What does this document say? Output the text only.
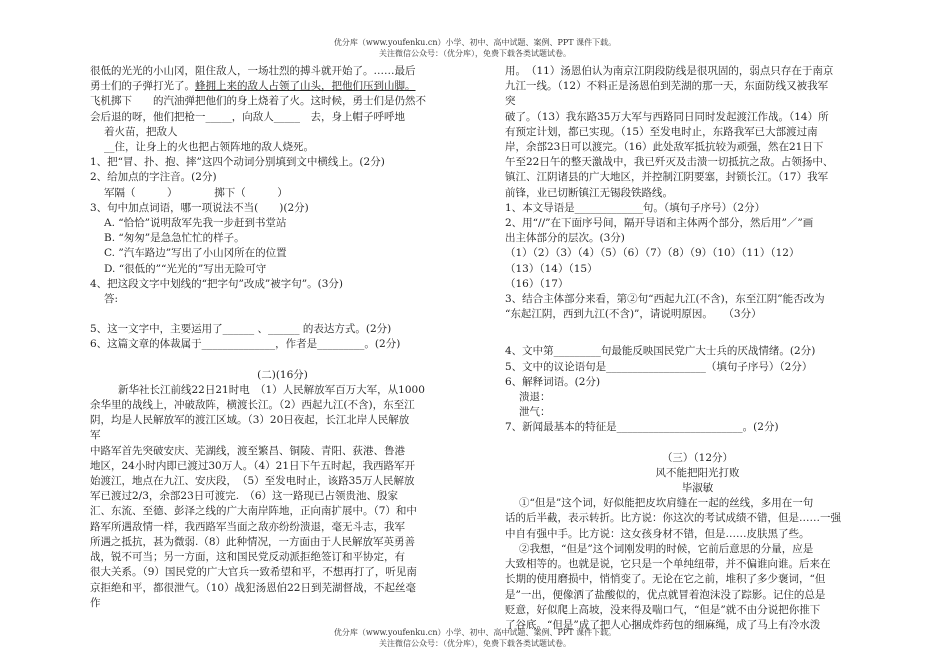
优分库（www.youfenku.cn）小学、初中、高中试题、案例、PPT 课件下载。
关注微信公众号：（优分库），免费下载各类试题试卷。

很低的光光的小山冈，阻住敌人，一场壮烈的搏斗就开始了。……最后

勇士们的子弹打光了。蜂拥上来的敌人占领了山头，把他们压到山脚。

飞机掷下　　的汽油弹把他们的身上烧着了火。这时候，勇士们是仍然不

会后退的呀，他们把枪一_____，向敌人_____　去，身上帽子呼呼地

着火苗，把敌人

__住，让身上的火也把占领阵地的敌人烧死。

1、把“冒、扑、抱、摔”这四个动词分别填到文中横线上。(2分)

2、给加点的字注音。(2分)

军隔（　　　）　　　　掷下（　　　）

3、句中加点词语，哪一项说法不当(　　)(2分)

A. “恰恰”说明敌军先我一步赶到书堂站

B. “匆匆”是急急忙忙的样子。

C. ”汽车路边”写出了小山冈所在的位置

D. “很低的”“光光的”写出无险可守

4、把这段文字中划线的“把字句”改成”被字句”。(3分)

答:

5、这一文字中，主要运用了______ 、______ 的表达方式。(2分)

6、这篇文章的体裁属于______________，作者是_________。(2分)

(二)(16分)

新华社长江前线22日21时电　（1）人民解放军百万大军，从1000

余华里的战线上，冲破敌阵，横渡长江。（2）西起九江(不含)，东至江

阴，均是人民解放军的渡江区域。（3）20日夜起，长江北岸人民解放

军

中路军首先突破安庆、芜湖线，渡至繁昌、铜陵、青阳、荻港、鲁港

地区，24小时内即已渡过30万人。（4）21日下午五时起，我西路军开

始渡江，地点在九江、安庆段，　（5）至发电时止，该路35万人民解放

军已渡过2/3，余部23日可渡完.　（6）这一路现已占领贵池、殷家

汇、东流、至德、彭泽之线的广大南岸阵地，正向南扩展中。（7）和中

路军所遇敌情一样，我西路军当面之敌亦纷纷溃退，毫无斗志，我军

所遇之抵抗，甚为微弱.（8）此种情况，一方面由于人民解放军英勇善

战，锐不可当；另一方面，这和国民党反动派拒绝签订和平协定，有

很大关系。（9）国民党的广大官兵一致希望和平，不想再打了，听见南

京拒绝和平，都很泄气。（10）战犯汤恩伯22日到芜湖督战，不起丝毫

作

用。　（11）汤恩伯认为南京江阴段防线是很巩固的，弱点只存在于南京

九江一线。（12）不料正是汤恩伯到芜湖的那一天，东面防线又被我军

突

破了。（13）我东路35万大军与西路同日同时发起渡江作战。（14）所

有预定计划，都已实现。（15）至发电时止，东路我军已大部渡过南

岸，余部23日可以渡完。（16）此处敌军抵抗较为顽强，然在21日下

午至22日午的整天激战中，我已歼灭及击溃一切抵抗之敌。占领扬中、

镇江、江阴诸县的广大地区，并控制江阴要塞，封锁长江。（17）我军

前锋，业已切断镇江无锡段铁路线。

1、本文导语是_____________句。（填句子序号）（2分）

2、用“//”在下面序号间，隔开导语和主体两个部分，然后用”／”画

出主体部分的层次。(3分)

（1）（2）（3）（4）（5）（6）（7）（8）（9）（10）（11）（12）

（13）（14）（15）

（16）（17）

3、结合主体部分来看，第②句“西起九江(不含)，东至江阴”能否改为

“东起江阴，西到九江(不含)”，请说明原因。　　（3分）

4、文中第_________句最能反映国民党广大士兵的厌战情绪。(2分)

5、文中的议论语句是___________________（填句子序号）（2分）

6、解释词语。(2分)

溃退：

泄气：

7、新闻最基本的特征是________________________。(2分)

（三）（12分）

风不能把阳光打败

毕淑敏

①“但是”这个词，好似能把皮坎肩缝在一起的丝线，多用在一句

话的后半截，表示转折。比方说：你这次的考试成绩不错，但是……一强

中自有强中手。比方说：这女孩身材不错，但是……皮肤黑了些。

②我想，“但是”这个词刚发明的时候，它前后意思的分量，应是

大致相等的。也就是说，它只是一个单纯纽带，并不偏谁向谁。后来在

长期的使用磨损中，悄悄变了。无论在它之前，堆积了多少褒词，“但

是”一出，便像洒了盐酸似的，优点就冒着泡沫没了踪影。记住的总是

贬意，好似爬上高坡，没来得及喘口气，“但是”就不由分说把你推下

了谷底。“但是”成了把人心捆成炸药包的细麻绳，成了马上有冷水泼

优分库（www.youfenku.cn）小学、初中、高中试题、案例、PPT 课件下载。
关注微信公众号：（优分库），免费下载各类试题试卷。
